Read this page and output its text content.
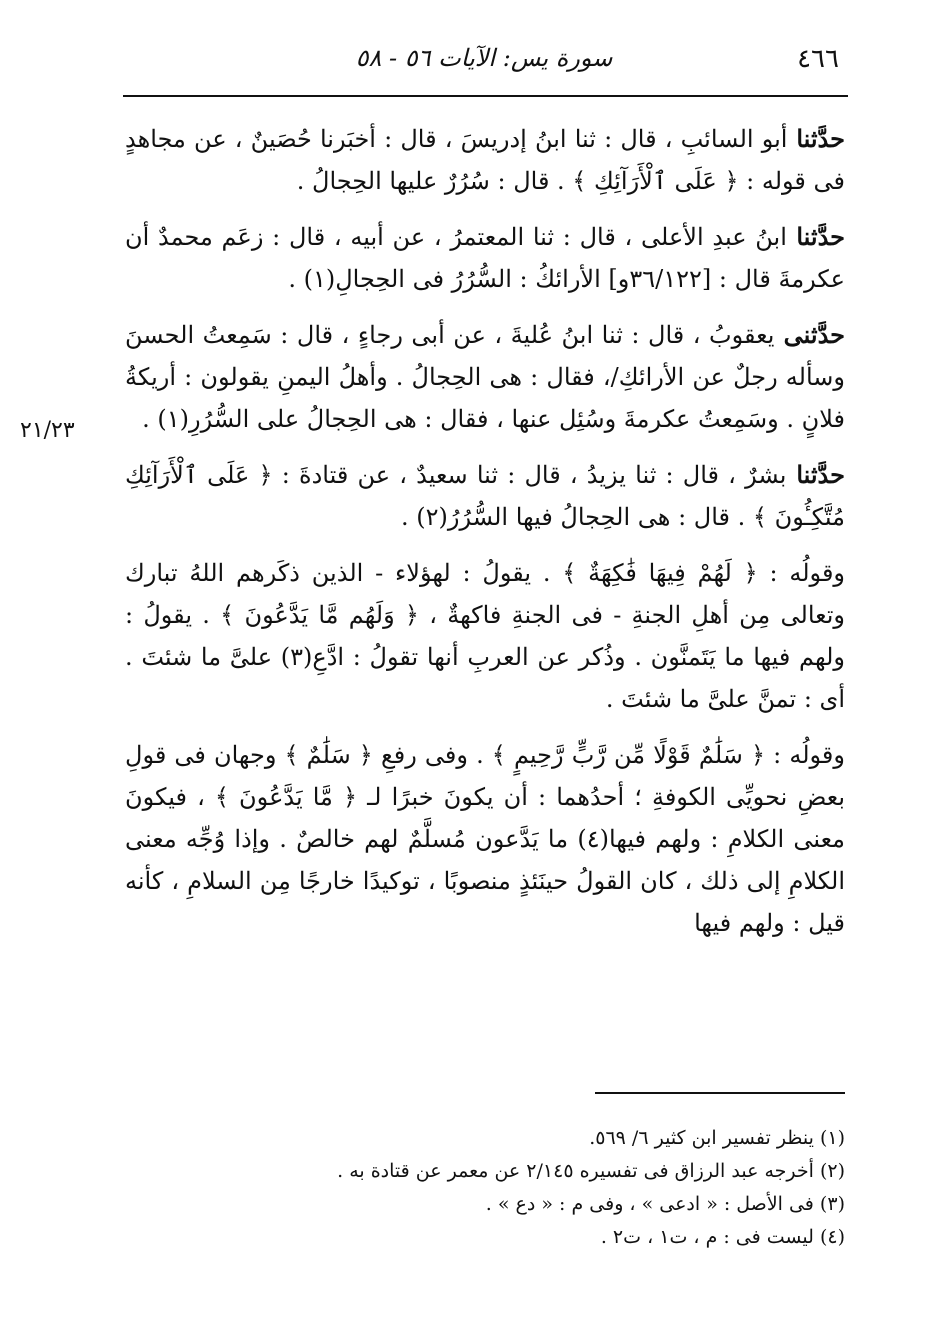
٤٦٦
سورة يس: الآيات ٥٦ - ٥٨
٢١/٢٣

حدَّثنا أبو السائبِ ، قال : ثنا ابنُ إدريسَ ، قال : أخبَرنا حُصَينٌ ، عن مجاهدٍ فى قوله : ﴿ عَلَى ٱلْأَرَآئِكِ ﴾ . قال : سُرُرٌ عليها الحِجالُ .

حدَّثنا ابنُ عبدِ الأعلى ، قال : ثنا المعتمرُ ، عن أبيه ، قال : زعَم محمدٌ أن عكرمةَ قال : [٣٦/١٢٢و] الأرائكُ : السُّرُرُ فى الحِجالِ(١) .

حدَّثنى يعقوبُ ، قال : ثنا ابنُ عُليةَ ، عن أبى رجاءٍ ، قال : سَمِعتُ الحسنَ وسأله رجلٌ عن الأرائكِ/، فقال : هى الحِجالُ . وأهلُ اليمنِ يقولون : أريكةُ فلانٍ . وسَمِعتُ عكرمةَ وسُئِل عنها ، فقال : هى الحِجالُ على السُّرُرِ(١) .

حدَّثنا بشرٌ ، قال : ثنا يزيدُ ، قال : ثنا سعيدٌ ، عن قتادةَ : ﴿ عَلَى ٱلْأَرَآئِكِ مُتَّكِـُٔونَ ﴾ . قال : هى الحِجالُ فيها السُّرُرُ(٢) .

وقولُه : ﴿ لَهُمْ فِيهَا فَٰكِهَةٌ ﴾ . يقولُ : لهؤلاء - الذين ذكَرهم اللهُ تبارك وتعالى مِن أهلِ الجنةِ - فى الجنةِ فاكهةٌ ، ﴿ وَلَهُم مَّا يَدَّعُونَ ﴾ . يقولُ : ولهم فيها ما يَتَمنَّون . وذُكر عن العربِ أنها تقولُ : ادَّعِ(٣) علىَّ ما شئتَ . أى : تمنَّ علىَّ ما شئتَ .

وقولُه : ﴿ سَلَٰمٌ قَوْلًا مِّن رَّبٍّ رَّحِيمٍ ﴾ . وفى رفعِ ﴿ سَلَٰمٌ ﴾ وجهان فى قولِ بعضِ نحويِّى الكوفةِ ؛ أحدُهما : أن يكونَ خبرًا لـ ﴿ مَّا يَدَّعُونَ ﴾ ، فيكونَ معنى الكلامِ : ولهم فيها(٤) ما يَدَّعون مُسلَّمٌ لهم خالصٌ . وإذا وُجِّه معنى الكلامِ إلى ذلك ، كان القولُ حينَئذٍ منصوبًا ، توكيدًا خارجًا مِن السلامِ ، كأنه قيل : ولهم فيها

(١) ينظر تفسير ابن كثير ٦/ ٥٦٩.
(٢) أخرجه عبد الرزاق فى تفسيره ٢/١٤٥ عن معمر عن قتادة به .
(٣) فى الأصل : « ادعى » ، وفى م : « دع » .
(٤) ليست فى : م ، ت١ ، ت٢ .
